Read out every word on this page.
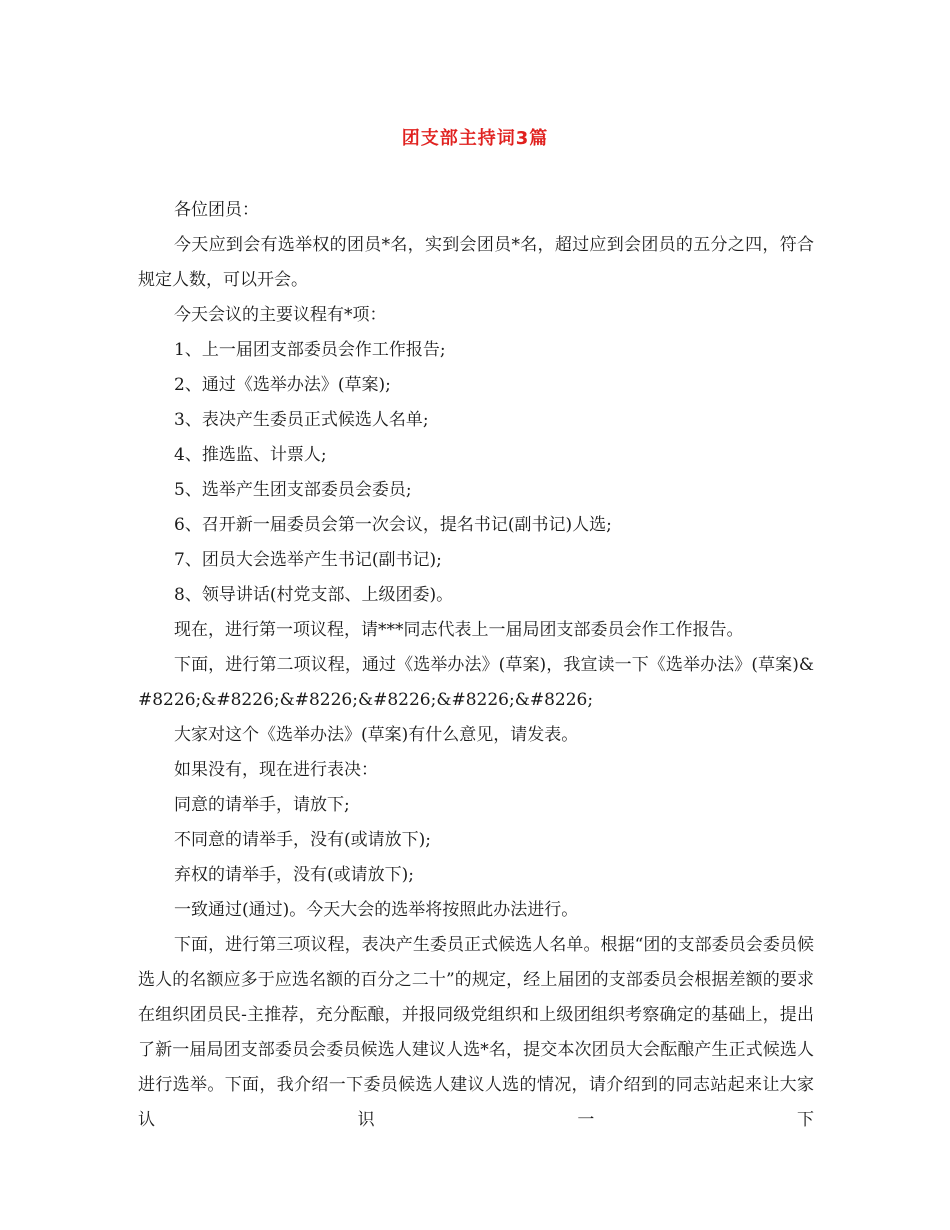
团支部主持词3篇

各位团员：

今天应到会有选举权的团员*名，实到会团员*名，超过应到会团员的五分之四，符合规定人数，可以开会。

今天会议的主要议程有*项：

1、上一届团支部委员会作工作报告;

2、通过《选举办法》(草案);

3、表决产生委员正式候选人名单;

4、推选监、计票人;

5、选举产生团支部委员会委员;

6、召开新一届委员会第一次会议，提名书记(副书记)人选;

7、团员大会选举产生书记(副书记);

8、领导讲话(村党支部、上级团委)。

现在，进行第一项议程，请***同志代表上一届局团支部委员会作工作报告。

下面，进行第二项议程，通过《选举办法》(草案)，我宣读一下《选举办法》(草案)&#8226;&#8226;&#8226;&#8226;&#8226;&#8226;

大家对这个《选举办法》(草案)有什么意见，请发表。

如果没有，现在进行表决：

同意的请举手，请放下;

不同意的请举手，没有(或请放下);

弃权的请举手，没有(或请放下);

一致通过(通过)。今天大会的选举将按照此办法进行。

下面，进行第三项议程，表决产生委员正式候选人名单。根据“团的支部委员会委员候选人的名额应多于应选名额的百分之二十”的规定，经上届团的支部委员会根据差额的要求在组织团员民-主推荐，充分酝酿，并报同级党组织和上级团组织考察确定的基础上，提出了新一届局团支部委员会委员候选人建议人选*名，提交本次团员大会酝酿产生正式候选人进行选举。下面，我介绍一下委员候选人建议人选的情况，请介绍到的同志站起来让大家认识一下
